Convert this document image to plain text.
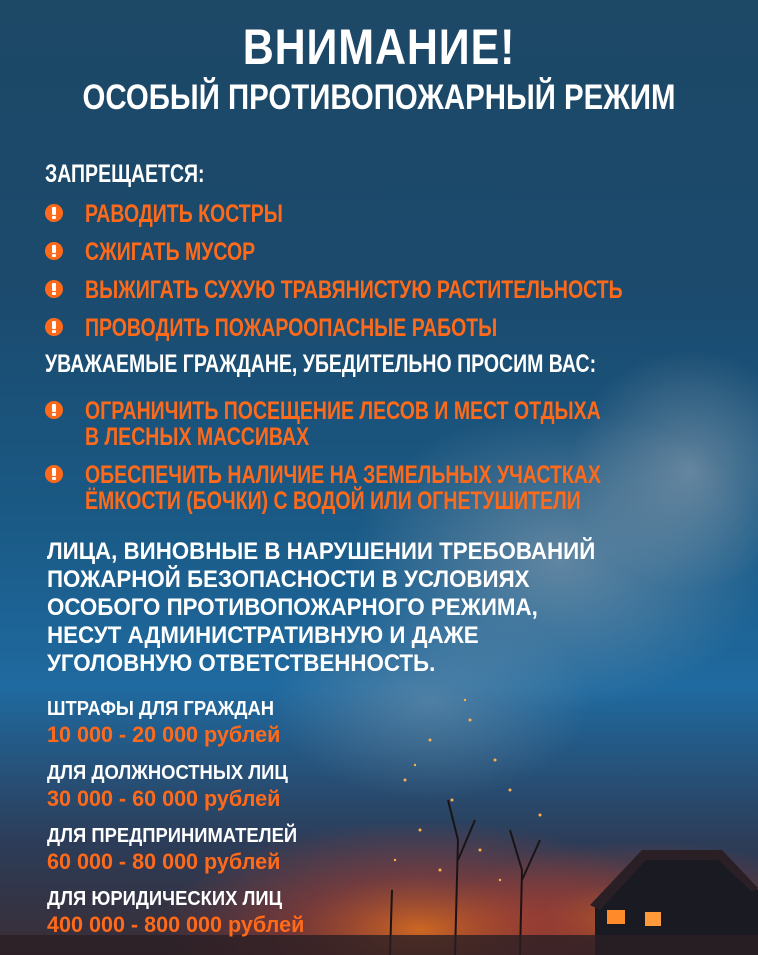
ВНИМАНИЕ!
ОСОБЫЙ ПРОТИВОПОЖАРНЫЙ РЕЖИМ
ЗАПРЕЩАЕТСЯ:
РАВОДИТЬ КОСТРЫ
СЖИГАТЬ МУСОР
ВЫЖИГАТЬ СУХУЮ ТРАВЯНИСТУЮ РАСТИТЕЛЬНОСТЬ
ПРОВОДИТЬ ПОЖАРООПАСНЫЕ РАБОТЫ
УВАЖАЕМЫЕ ГРАЖДАНЕ, УБЕДИТЕЛЬНО ПРОСИМ ВАС:
ОГРАНИЧИТЬ ПОСЕЩЕНИЕ ЛЕСОВ И МЕСТ ОТДЫХА
В ЛЕСНЫХ МАССИВАХ
ОБЕСПЕЧИТЬ НАЛИЧИЕ НА ЗЕМЕЛЬНЫХ УЧАСТКАХ
ЁМКОСТИ (БОЧКИ) С ВОДОЙ ИЛИ ОГНЕТУШИТЕЛИ
ЛИЦА, ВИНОВНЫЕ В НАРУШЕНИИ ТРЕБОВАНИЙ
ПОЖАРНОЙ БЕЗОПАСНОСТИ В УСЛОВИЯХ
ОСОБОГО ПРОТИВОПОЖАРНОГО РЕЖИМА,
НЕСУТ АДМИНИСТРАТИВНУЮ И ДАЖЕ
УГОЛОВНУЮ ОТВЕТСТВЕННОСТЬ.
ШТРАФЫ ДЛЯ ГРАЖДАН
10 000 - 20 000 рублей
ДЛЯ ДОЛЖНОСТНЫХ ЛИЦ
30 000 - 60 000 рублей
ДЛЯ ПРЕДПРИНИМАТЕЛЕЙ
60 000 - 80 000 рублей
ДЛЯ ЮРИДИЧЕСКИХ ЛИЦ
400 000 - 800 000 рублей
